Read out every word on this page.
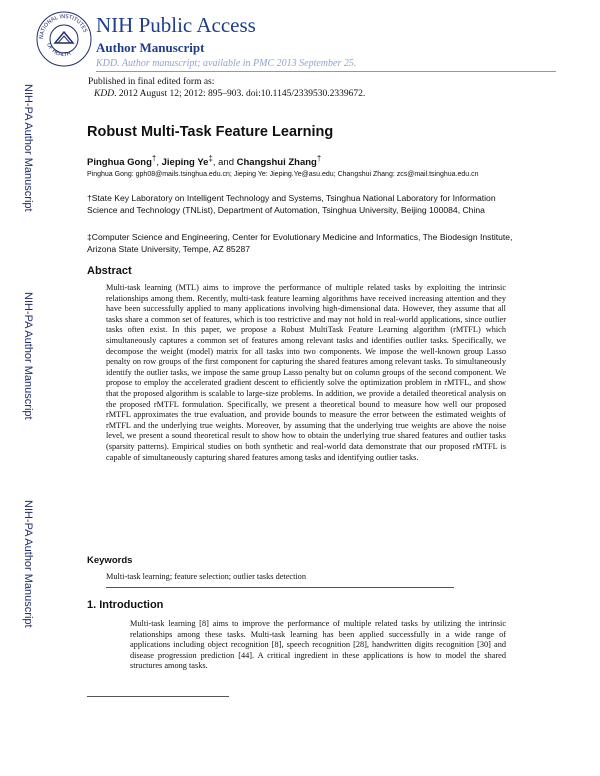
NIH-PA Author Manuscript
NIH-PA Author Manuscript
NIH-PA Author Manuscript
NATIONAL INSTITUTES
OF HEALTH
NIH Public Access
Author Manuscript
KDD. Author manuscript; available in PMC 2013 September 25.
Published in final edited form as:
KDD. 2012 August 12; 2012: 895–903. doi:10.1145/2339530.2339672.
Robust Multi-Task Feature Learning
Pinghua Gong†, Jieping Ye‡, and Changshui Zhang†
Pinghua Gong: gph08@mails.tsinghua.edu.cn; Jieping Ye: Jieping.Ye@asu.edu; Changshui Zhang: zcs@mail.tsinghua.edu.cn
†State Key Laboratory on Intelligent Technology and Systems, Tsinghua National Laboratory for Information Science and Technology (TNList), Department of Automation, Tsinghua University, Beijing 100084, China
‡Computer Science and Engineering, Center for Evolutionary Medicine and Informatics, The Biodesign Institute, Arizona State University, Tempe, AZ 85287
Abstract
Multi-task learning (MTL) aims to improve the performance of multiple related tasks by exploiting the intrinsic relationships among them. Recently, multi-task feature learning algorithms have received increasing attention and they have been successfully applied to many applications involving high-dimensional data. However, they assume that all tasks share a common set of features, which is too restrictive and may not hold in real-world applications, since outlier tasks often exist. In this paper, we propose a Robust MultiTask Feature Learning algorithm (rMTFL) which simultaneously captures a common set of features among relevant tasks and identifies outlier tasks. Specifically, we decompose the weight (model) matrix for all tasks into two components. We impose the well-known group Lasso penalty on row groups of the first component for capturing the shared features among relevant tasks. To simultaneously identify the outlier tasks, we impose the same group Lasso penalty but on column groups of the second component. We propose to employ the accelerated gradient descent to efficiently solve the optimization problem in rMTFL, and show that the proposed algorithm is scalable to large-size problems. In addition, we provide a detailed theoretical analysis on the proposed rMTFL formulation. Specifically, we present a theoretical bound to measure how well our proposed rMTFL approximates the true evaluation, and provide bounds to measure the error between the estimated weights of rMTFL and the underlying true weights. Moreover, by assuming that the underlying true weights are above the noise level, we present a sound theoretical result to show how to obtain the underlying true shared features and outlier tasks (sparsity patterns). Empirical studies on both synthetic and real-world data demonstrate that our proposed rMTFL is capable of simultaneously capturing shared features among tasks and identifying outlier tasks.
Keywords
Multi-task learning; feature selection; outlier tasks detection
1. Introduction
Multi-task learning [8] aims to improve the performance of multiple related tasks by utilizing the intrinsic relationships among these tasks. Multi-task learning has been applied successfully in a wide range of applications including object recognition [8], speech recognition [28], handwritten digits recognition [30] and disease progression prediction [44]. A critical ingredient in these applications is how to model the shared structures among tasks.
